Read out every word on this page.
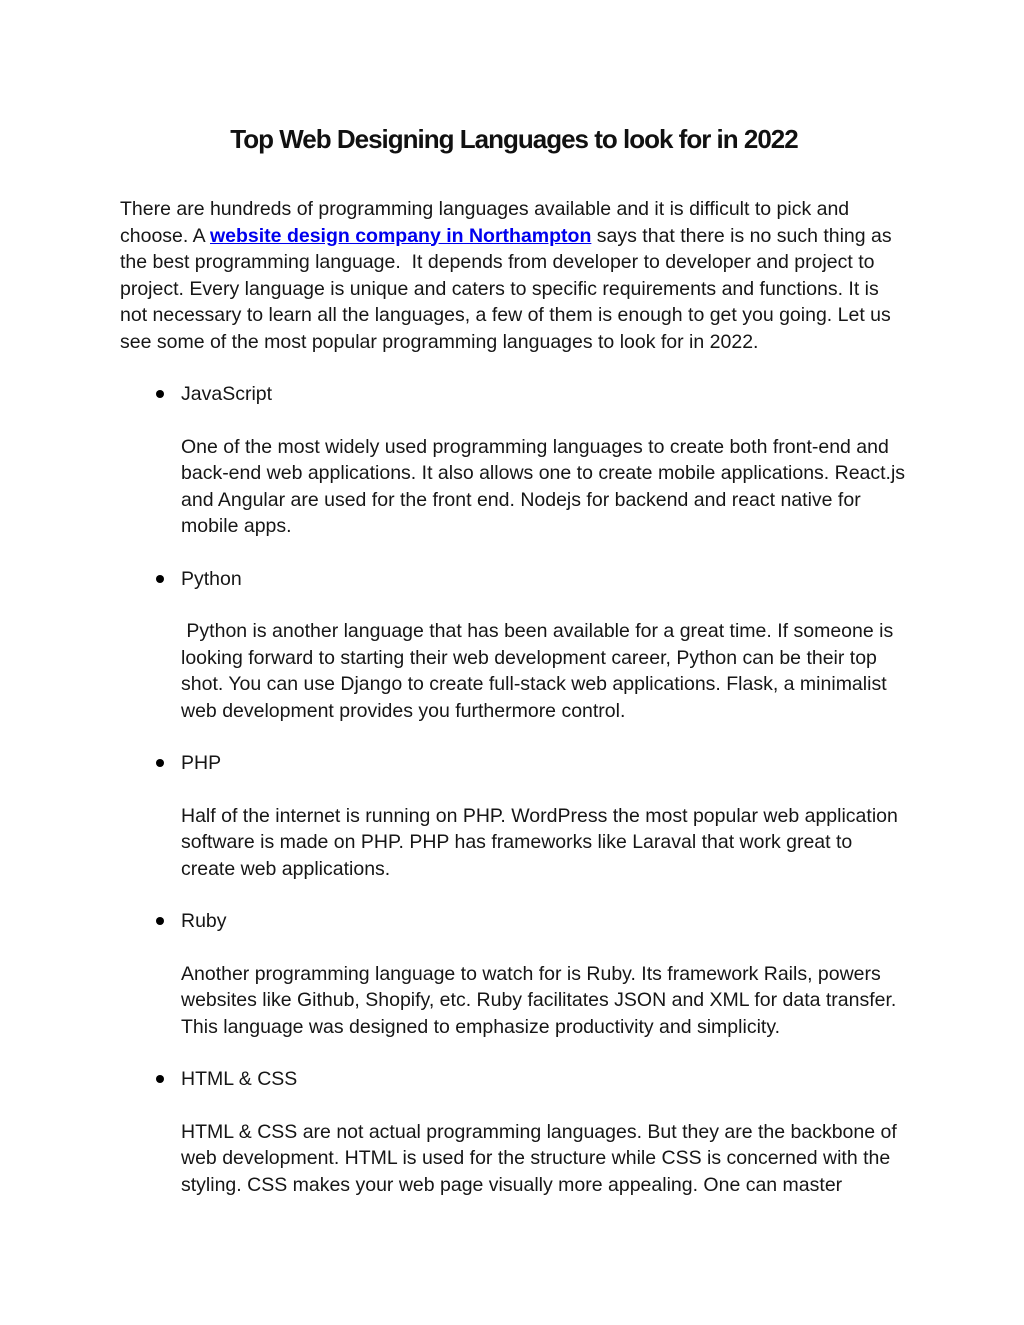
Top Web Designing Languages to look for in 2022

There are hundreds of programming languages available and it is difficult to pick and choose. A website design company in Northampton says that there is no such thing as the best programming language.  It depends from developer to developer and project to project. Every language is unique and caters to specific requirements and functions. It is not necessary to learn all the languages, a few of them is enough to get you going. Let us see some of the most popular programming languages to look for in 2022.

JavaScript

One of the most widely used programming languages to create both front-end and back-end web applications. It also allows one to create mobile applications. React.js and Angular are used for the front end. Nodejs for backend and react native for mobile apps.

Python

Python is another language that has been available for a great time. If someone is looking forward to starting their web development career, Python can be their top shot. You can use Django to create full-stack web applications. Flask, a minimalist web development provides you furthermore control.

PHP

Half of the internet is running on PHP. WordPress the most popular web application software is made on PHP. PHP has frameworks like Laraval that work great to create web applications.

Ruby

Another programming language to watch for is Ruby. Its framework Rails, powers websites like Github, Shopify, etc. Ruby facilitates JSON and XML for data transfer. This language was designed to emphasize productivity and simplicity.

HTML & CSS

HTML & CSS are not actual programming languages. But they are the backbone of web development. HTML is used for the structure while CSS is concerned with the styling. CSS makes your web page visually more appealing. One can master
